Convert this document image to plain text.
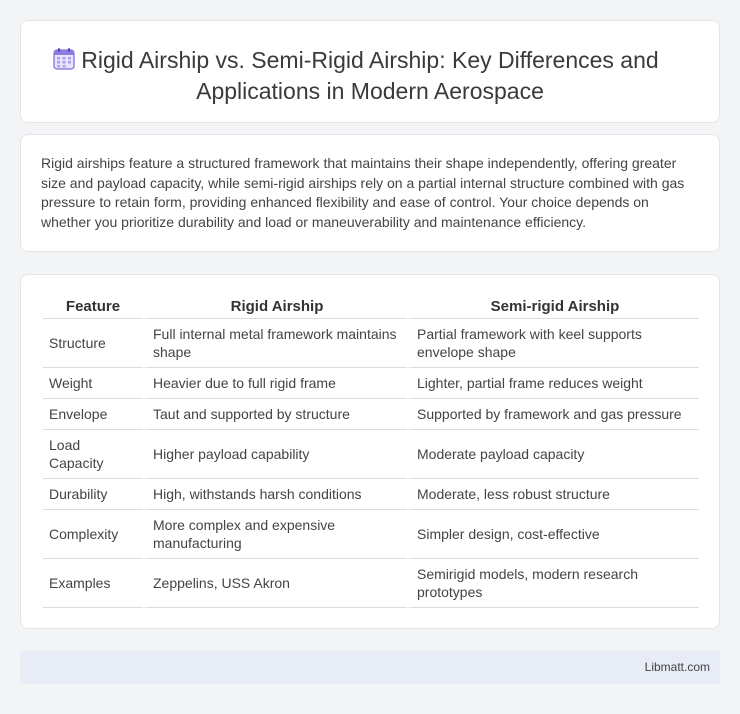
Rigid Airship vs. Semi-Rigid Airship: Key Differences and Applications in Modern Aerospace

Rigid airships feature a structured framework that maintains their shape independently, offering greater size and payload capacity, while semi-rigid airships rely on a partial internal structure combined with gas pressure to retain form, providing enhanced flexibility and ease of control. Your choice depends on whether you prioritize durability and load or maneuverability and maintenance efficiency.

Feature	Rigid Airship	Semi-rigid Airship
Structure	Full internal metal framework maintains shape	Partial framework with keel supports envelope shape
Weight	Heavier due to full rigid frame	Lighter, partial frame reduces weight
Envelope	Taut and supported by structure	Supported by framework and gas pressure
Load Capacity	Higher payload capability	Moderate payload capacity
Durability	High, withstands harsh conditions	Moderate, less robust structure
Complexity	More complex and expensive manufacturing	Simpler design, cost-effective
Examples	Zeppelins, USS Akron	Semirigid models, modern research prototypes
Libmatt.com
